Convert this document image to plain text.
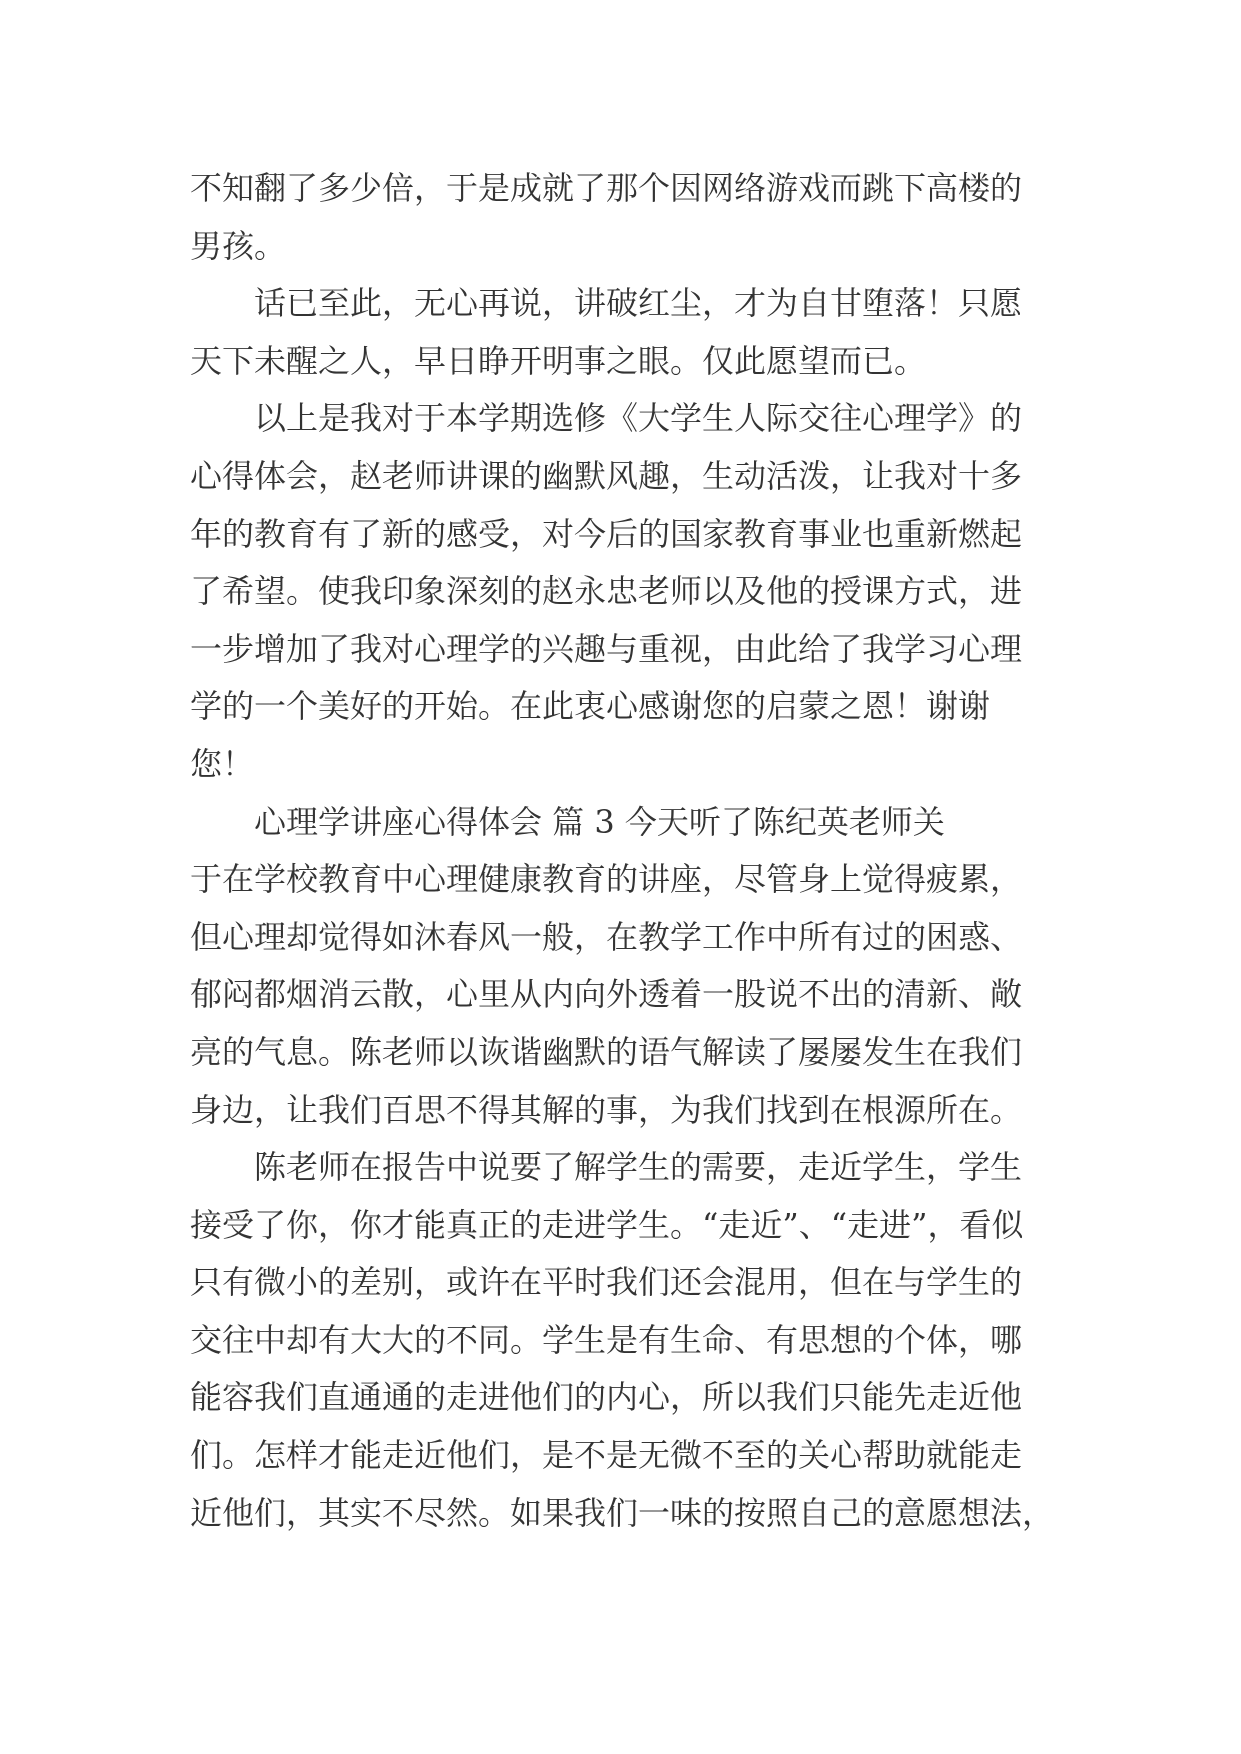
不知翻了多少倍，于是成就了那个因网络游戏而跳下高楼的
男孩。
话已至此，无心再说，讲破红尘，才为自甘堕落！只愿
天下未醒之人，早日睁开明事之眼。仅此愿望而已。
以上是我对于本学期选修《大学生人际交往心理学》的
心得体会，赵老师讲课的幽默风趣，生动活泼，让我对十多
年的教育有了新的感受，对今后的国家教育事业也重新燃起
了希望。使我印象深刻的赵永忠老师以及他的授课方式，进
一步增加了我对心理学的兴趣与重视，由此给了我学习心理
学的一个美好的开始。在此衷心感谢您的启蒙之恩！谢谢
您！
心理学讲座心得体会 篇 3 今天听了陈纪英老师关
于在学校教育中心理健康教育的讲座，尽管身上觉得疲累，
但心理却觉得如沐春风一般，在教学工作中所有过的困惑、
郁闷都烟消云散，心里从内向外透着一股说不出的清新、敞
亮的气息。陈老师以诙谐幽默的语气解读了屡屡发生在我们
身边，让我们百思不得其解的事，为我们找到在根源所在。
陈老师在报告中说要了解学生的需要，走近学生，学生
接受了你，你才能真正的走进学生。“走近”、“走进”，看似
只有微小的差别，或许在平时我们还会混用，但在与学生的
交往中却有大大的不同。学生是有生命、有思想的个体，哪
能容我们直通通的走进他们的内心，所以我们只能先走近他
们。怎样才能走近他们，是不是无微不至的关心帮助就能走
近他们，其实不尽然。如果我们一味的按照自己的意愿想法，
